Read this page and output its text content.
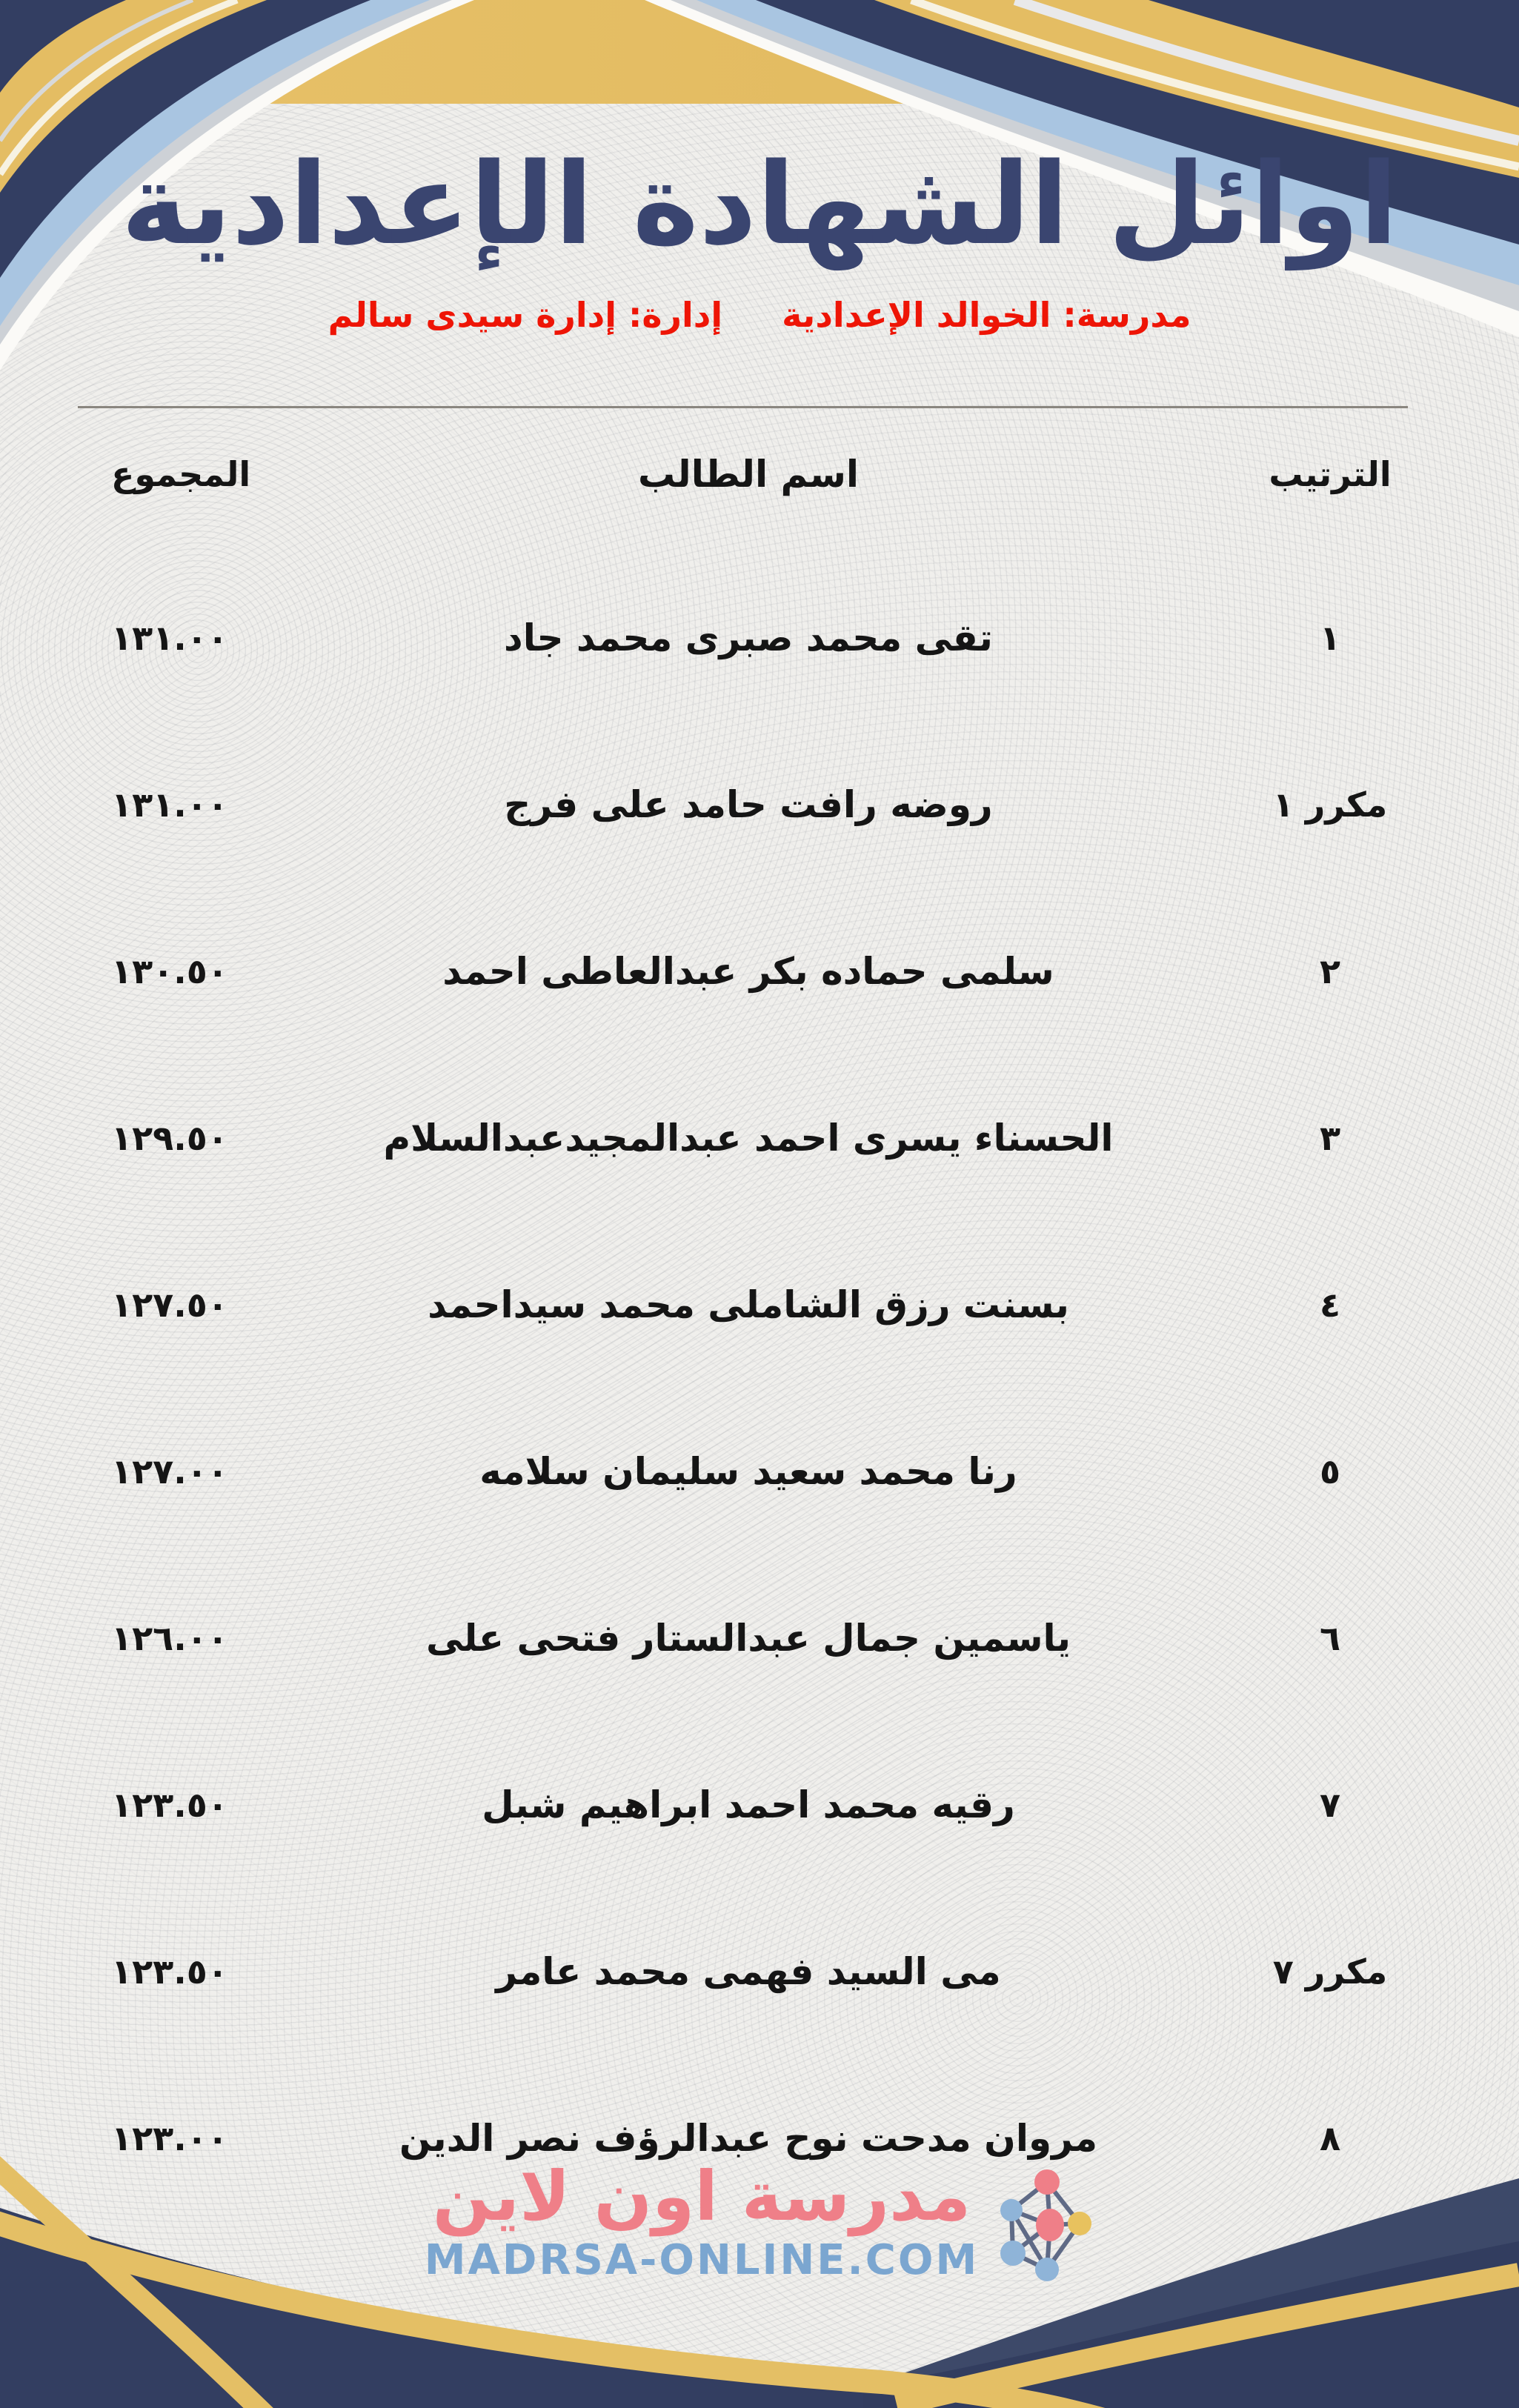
اوائل الشهادة الإعدادية
مدرسة: الخوالد الإعدادية
إدارة: إدارة سيدى سالم
الترتيب
اسم الطالب
المجموع
١
تقى محمد صبرى محمد جاد
١٣١.٠٠
مكرر ١
روضه رافت حامد على فرج
١٣١.٠٠
٢
سلمى حماده بكر عبدالعاطى احمد
١٣٠.٥٠
٣
الحسناء يسرى احمد عبدالمجيدعبدالسلام
١٢٩.٥٠
٤
بسنت رزق الشاملى محمد سيداحمد
١٢٧.٥٠
٥
رنا محمد سعيد سليمان سلامه
١٢٧.٠٠
٦
ياسمين جمال عبدالستار فتحى على
١٢٦.٠٠
٧
رقيه محمد احمد ابراهيم شبل
١٢٣.٥٠
مكرر ٧
مى السيد فهمى محمد عامر
١٢٣.٥٠
٨
مروان مدحت نوح عبدالرؤف نصر الدين
١٢٣.٠٠
مدرسة اون لاين
MADRSA-ONLINE.COM
